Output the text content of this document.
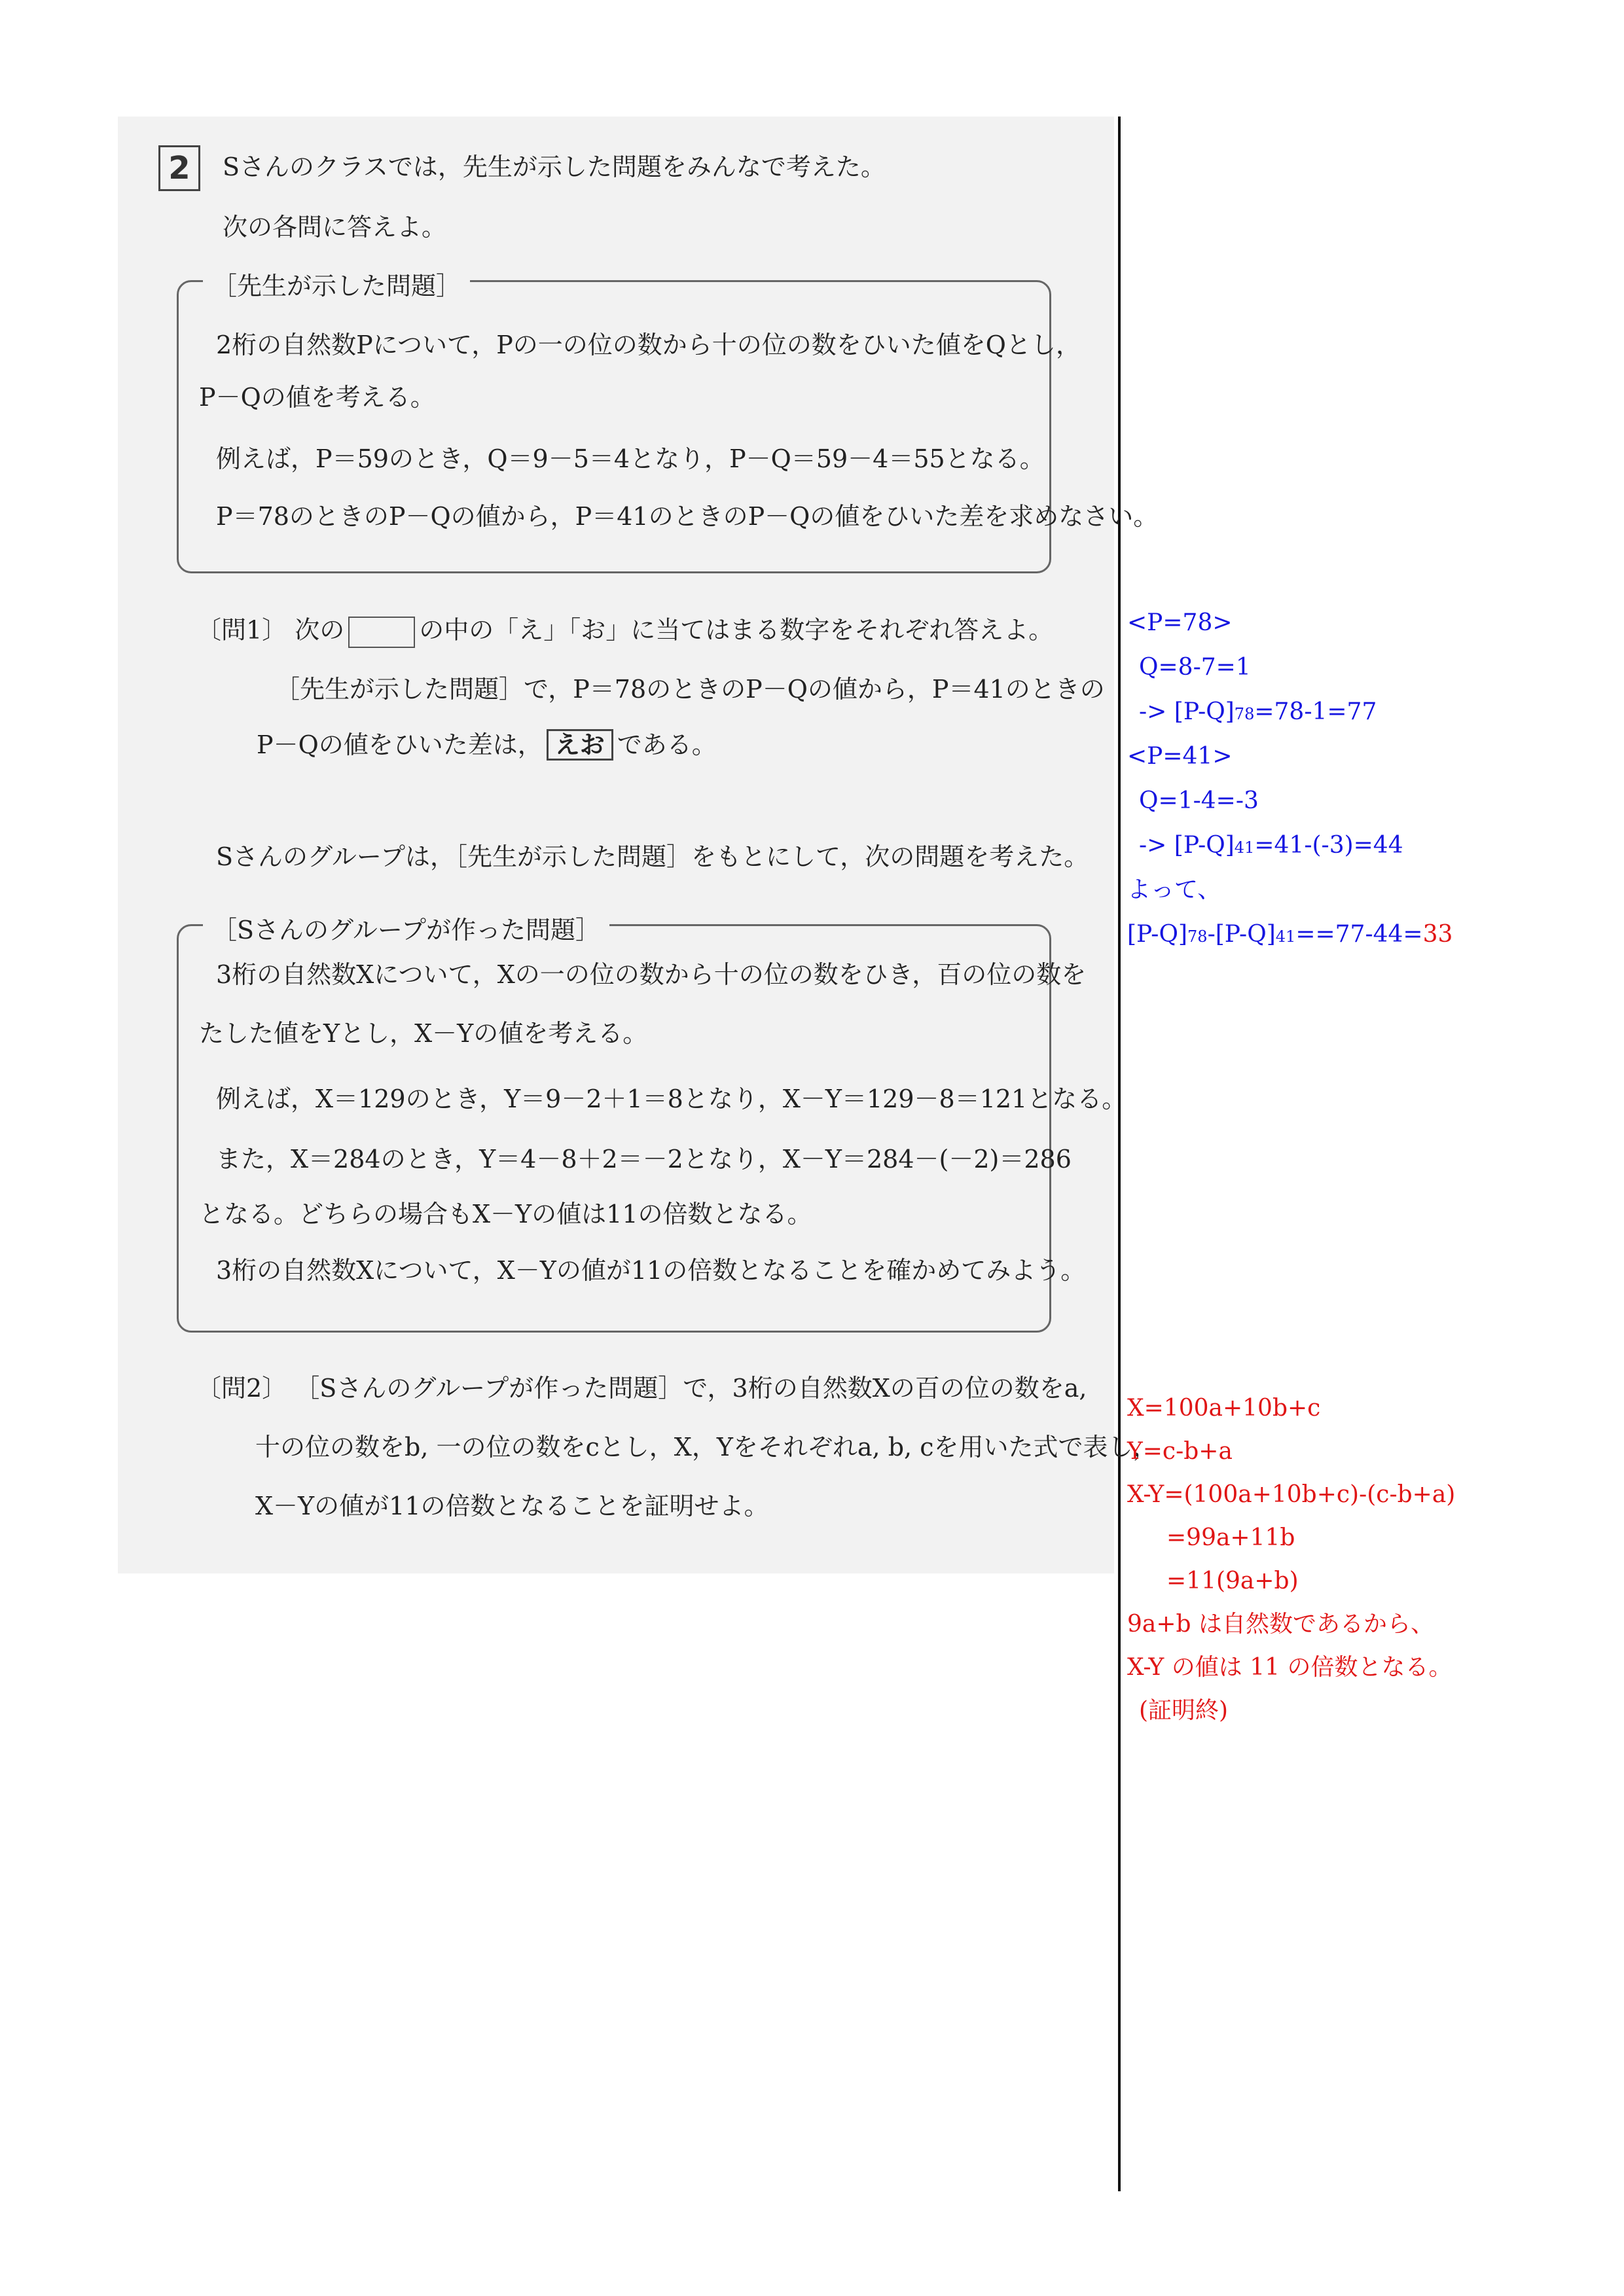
2	Sさんのクラスでは，先生が示した問題をみんなで考えた。
次の各問に答えよ。
［先生が示した問題］
2桁の自然数Pについて，Pの一の位の数から十の位の数をひいた値をQとし，
P－Qの値を考える。
例えば，P＝59のとき，Q＝9－5＝4となり，P－Q＝59－4＝55となる。
P＝78のときのP－Qの値から，P＝41のときのP－Qの値をひいた差を求めなさい。
〔問1〕 次の	の中の「え」「お」に当てはまる数字をそれぞれ答えよ。
［先生が示した問題］で，P＝78のときのP－Qの値から，P＝41のときの
P－Qの値をひいた差は， えお である。
Sさんのグループは，［先生が示した問題］をもとにして，次の問題を考えた。
［Sさんのグループが作った問題］
3桁の自然数Xについて，Xの一の位の数から十の位の数をひき，百の位の数を
たした値をYとし，X－Yの値を考える。
例えば，X＝129のとき，Y＝9－2＋1＝8となり，X－Y＝129－8＝121となる。
また，X＝284のとき，Y＝4－8＋2＝－2となり，X－Y＝284－(－2)＝286
となる。どちらの場合もX－Yの値は11の倍数となる。
3桁の自然数Xについて，X－Yの値が11の倍数となることを確かめてみよう。
〔問2〕 ［Sさんのグループが作った問題］で，3桁の自然数Xの百の位の数をa,
十の位の数をb, 一の位の数をcとし，X，Yをそれぞれa, b, cを用いた式で表し，
X－Yの値が11の倍数となることを証明せよ。
<P=78>
Q=8-7=1
-> [P-Q]78=78-1=77
<P=41>
Q=1-4=-3
-> [P-Q]41=41-(-3)=44
よって、
[P-Q]78-[P-Q]41==77-44=33
X=100a+10b+c
Y=c-b+a
X-Y=(100a+10b+c)-(c-b+a)
=99a+11b
=11(9a+b)
9a+b は自然数であるから、
X-Y の値は 11 の倍数となる。
(証明終)
